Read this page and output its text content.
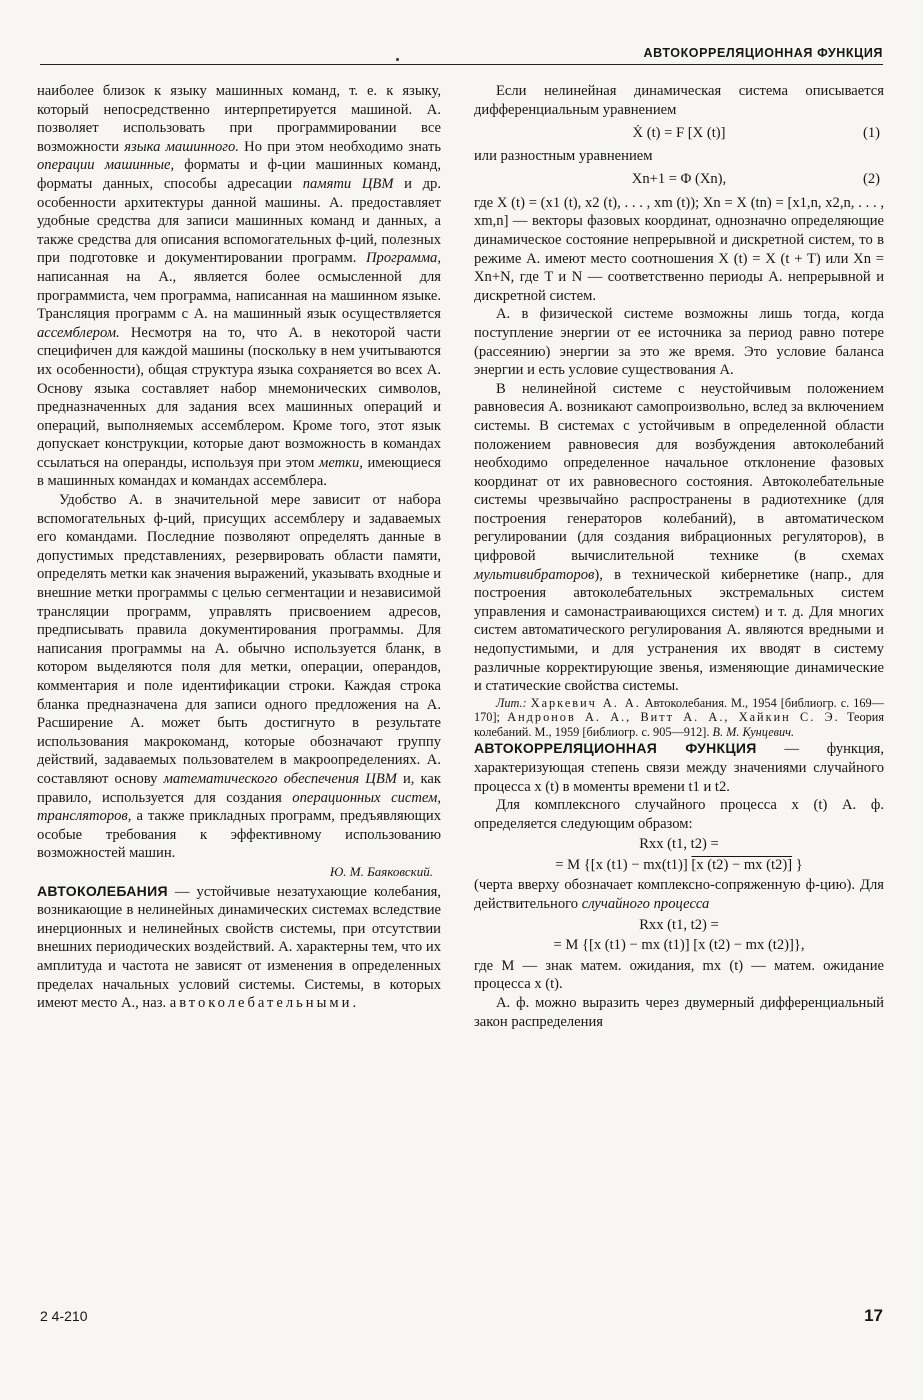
АВТОКОРРЕЛЯЦИОННАЯ ФУНКЦИЯ

наиболее близок к языку машинных команд, т. е. к языку, который непосредственно интерпретируется машиной. А. позволяет использовать при программировании все возможности языка машинного. Но при этом необходимо знать операции машинные, форматы и ф-ции машинных команд, форматы данных, способы адресации памяти ЦВМ и др. особенности архитектуры данной машины. А. предоставляет удобные средства для записи машинных команд и данных, а также средства для описания вспомогательных ф-ций, полезных при подготовке и документировании программ. Программа, написанная на А., является более осмысленной для программиста, чем программа, написанная на машинном языке. Трансляция программ с А. на машинный язык осуществляется ассемблером. Несмотря на то, что А. в некоторой части специфичен для каждой машины (поскольку в нем учитываются их особенности), общая структура языка сохраняется во всех А. Основу языка составляет набор мнемонических символов, предназначенных для задания всех машинных операций и операций, выполняемых ассемблером. Кроме того, этот язык допускает конструкции, которые дают возможность в командах ссылаться на операнды, используя при этом метки, имеющиеся в машинных командах и командах ассемблера.

Удобство А. в значительной мере зависит от набора вспомогательных ф-ций, присущих ассемблеру и задаваемых его командами. Последние позволяют определять данные в допустимых представлениях, резервировать области памяти, определять метки как значения выражений, указывать входные и внешние метки программы с целью сегментации и независимой трансляции программ, управлять присвоением адресов, предписывать правила документирования программы. Для написания программы на А. обычно используется бланк, в котором выделяются поля для метки, операции, операндов, комментария и поле идентификации строки. Каждая строка бланка предназначена для записи одного предложения на А. Расширение А. может быть достигнуто в результате использования макрокоманд, которые обозначают группу действий, задаваемых пользователем в макроопределениях. А. составляют основу математического обеспечения ЦВМ и, как правило, используется для создания операционных систем, трансляторов, а также прикладных программ, предъявляющих особые требования к эффективному использованию возможностей машин.

Ю. М. Баяковский.

АВТОКОЛЕБАНИЯ — устойчивые незатухающие колебания, возникающие в нелинейных динамических системах вследствие инерционных и нелинейных свойств системы, при отсутствии внешних периодических воздействий. А. характерны тем, что их амплитуда и частота не зависят от изменения в определенных пределах начальных условий системы. Системы, в которых имеют место А., наз. автоколебательными.

Если нелинейная динамическая система описывается дифференциальным уравнением

Ẋ (t) = F [X (t)]	(1)

или разностным уравнением

Xn+1 = Φ (Xn),	(2)

где X (t) = (x1 (t), x2 (t), . . . , xm (t)); Xn = X (tn) = [x1,n, x2,n, . . . , xm,n] — векторы фазовых координат, однозначно определяющие динамическое состояние непрерывной и дискретной систем, то в режиме А. имеют место соотношения X (t) = X (t + T) или Xn = Xn+N, где T и N — соответственно периоды А. непрерывной и дискретной систем.

А. в физической системе возможны лишь тогда, когда поступление энергии от ее источника за период равно потере (рассеянию) энергии за это же время. Это условие баланса энергии и есть условие существования А.

В нелинейной системе с неустойчивым положением равновесия А. возникают самопроизвольно, вслед за включением системы. В системах с устойчивым в определенной области положением равновесия для возбуждения автоколебаний необходимо определенное начальное отклонение фазовых координат от их равновесного состояния. Автоколебательные системы чрезвычайно распространены в радиотехнике (для построения генераторов колебаний), в автоматическом регулировании (для создания вибрационных регуляторов), в цифровой вычислительной технике (в схемах мультивибраторов), в технической кибернетике (напр., для построения автоколебательных экстремальных систем управления и самонастраивающихся систем) и т. д. Для многих систем автоматического регулирования А. являются вредными и недопустимыми, и для устранения их вводят в систему различные корректирующие звенья, изменяющие динамические и статические свойства системы.

Лит.: Харкевич А. А. Автоколебания. М., 1954 [библиогр. с. 169—170]; Андронов А. А., Витт А. А., Хайкин С. Э. Теория колебаний. М., 1959 [библиогр. с. 905—912]. В. М. Кунцевич.

АВТОКОРРЕЛЯЦИОННАЯ ФУНКЦИЯ — функция, характеризующая степень связи между значениями случайного процесса x (t) в моменты времени t1 и t2.

Для комплексного случайного процесса x (t) А. ф. определяется следующим образом:

Rxx (t1, t2) =
= M {[x (t1) − mx(t1)] [x (t2) − mx (t2)] }

(черта вверху обозначает комплексно-сопряженную ф-цию). Для действительного случайного процесса

Rxx (t1, t2) =
= M {[x (t1) − mx (t1)] [x (t2) − mx (t2)]},

где M — знак матем. ожидания, mx (t) — матем. ожидание процесса x (t).

А. ф. можно выразить через двумерный дифференциальный закон распределения

2 4-210	17
